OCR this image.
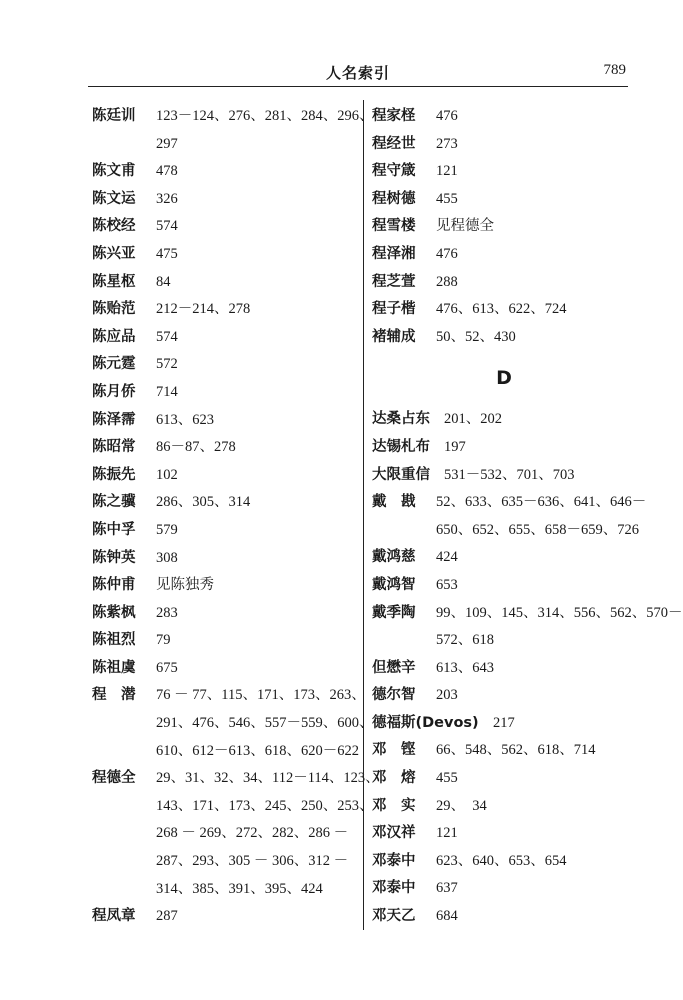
人名索引	789
陈廷训 123－124、276、281、284、296、
297
陈文甫 478
陈文运 326
陈校经 574
陈兴亚 475
陈星枢 84
陈贻范 212－214、278
陈应品 574
陈元霆 572
陈月侨 714
陈泽霈 613、623
陈昭常 86－87、278
陈振先 102
陈之骥 286、305、314
陈中孚 579
陈钟英 308
陈仲甫 见陈独秀
陈紫枫 283
陈祖烈 79
陈祖虞 675
程　潜 76 － 77、115、171、173、263、
291、476、546、557－559、600、
610、612－613、618、620－622
程德全 29、31、32、34、112－114、123、
143、171、173、245、250、253、
268 － 269、272、282、286 －
287、293、305 － 306、312 －
314、385、391、395、424
程凤章 287
程家柽 476
程经世 273
程守箴 121
程树德 455
程雪楼 见程德全
程泽湘 476
程芝萱 288
程子楷 476、613、622、724
褚辅成 50、52、430
D
达桑占东 201、202
达锡札布 197
大限重信 531－532、701、703
戴　戡 52、633、635－636、641、646－
650、652、655、658－659、726
戴鸿慈 424
戴鸿智 653
戴季陶 99、109、145、314、556、562、570－
572、618
但懋辛 613、643
德尔智 203
德福斯(Devos) 217
邓　铿 66、548、562、618、714
邓　熔 455
邓　实 29、　34
邓汉祥 121
邓泰中 623、640、653、654
邓泰中 637
邓天乙 684
